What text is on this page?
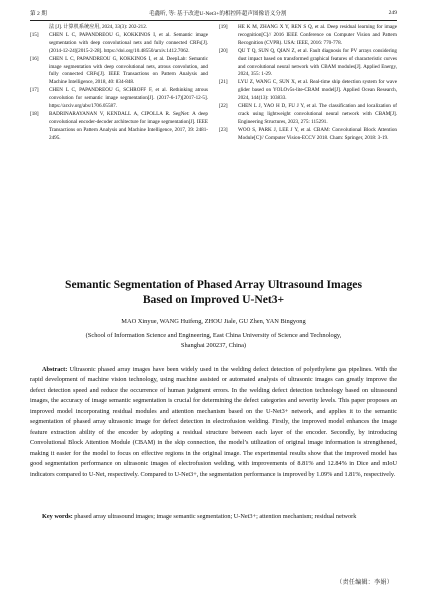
第 2 期	毛鑫昕, 等: 基于改进U-Net3+的相控阵超声图像语义分割	249
法 [J]. 计算机系统应用, 2024, 33(3): 202-212.
[15]	CHEN L C, PAPANDREOU G, KOKKINOS I, et al. Semantic image segmentation with deep convolutional nets and fully connected CRFs[J]. (2014-12-24)[2015-2-28]. https://doi.org/10.48550/arxiv.1412.7062.
[16]	CHEN L C, PAPANDREOU G, KOKKINOS I, et al. DeepLab: Semantic image segmentation with deep convolutional nets, atrous convolution, and fully connected CRFs[J]. IEEE Transactions on Pattern Analysis and Machine Intelligence, 2018, 40: 834-848.
[17]	CHEN L C, PAPANDREOU G, SCHROFF F, et al. Rethinking atrous convolution for semantic image segmentation[J]. (2017-6-17)[2017-12-5]. https://arxiv.org/abs/1706.05587.
[18]	BADRINARAYANAN V, KENDALL A, CIPOLLA R. SegNet: A deep convolutional encoder-decoder architecture for image segmentation[J]. IEEE Transactions on Pattern Analysis and Machine Intelligence, 2017, 39: 2481-2495.
[19]	HE K M, ZHANG X Y, REN S Q, et al. Deep residual learning for image recognition[C]// 2016 IEEE Conference on Computer Vision and Pattern Recognition (CVPR). USA: IEEE, 2016: 770-778.
[20]	QU T Q, SUN Q, QIAN Z, et al. Fault diagnosis for PV arrays considering dust impact based on transformed graphical features of characteristic curves and convolutional neural network with CBAM modules[J]. Applied Energy, 2024, 355: 1-29.
[21]	LYU Z, WANG C, SUN X, et al. Real-time ship detection system for wave glider based on YOLOv5s-lite-CBAM model[J]. Applied Ocean Research, 2024, 144(13): 103833.
[22]	CHEN L J, YAO H D, FU J Y, et al. The classification and localization of crack using lightweight convolutional neural network with CBAM[J]. Engineering Structures, 2023, 275: 115291.
[23]	WOO S, PARK J, LEE J Y, et al. CBAM: Convolutional Block Attention Module[C]// Computer Vision-ECCV 2018. Cham: Springer, 2018: 3-19.
Semantic Segmentation of Phased Array Ultrasound Images
Based on Improved U-Net3+
MAO Xinyue, WANG Huifeng, ZHOU Jiale, GU Zhen, YAN Bingyong
(School of Information Science and Engineering, East China University of Science and Technology,
Shanghai 200237, China)
Abstract: Ultrasonic phased array images have been widely used in the welding defect detection of polyethylene gas pipelines. With the rapid development of machine vision technology, using machine assisted or automated analysis of ultrasonic images can greatly improve the defect detection speed and reduce the occurrence of human judgment errors. In the welding defect detection technology based on ultrasound images, the accuracy of image semantic segmentation is crucial for determining the defect categories and severity levels. This paper proposes an improved model incorporating residual modules and attention mechanism based on the U-Net3+ network, and applies it to the semantic segmentation of phased array ultrasonic image for defect detection in electrofusion welding. Firstly, the improved model enhances the image feature extraction ability of the encoder by adopting a residual structure between each layer of the encoder. Secondly, by introducing Convolutional Block Attention Module (CBAM) in the skip connection, the model’s utilization of original image information is strengthened, making it easier for the model to focus on effective regions in the original image. The experimental results show that the improved model has good segmentation performance on ultrasonic images of electrofusion welding, with improvements of 8.81% and 12.84% in Dice and mIoU indicators compared to U-Net, respectively. Compared to U-Net3+, the segmentation performance is improved by 1.09% and 1.81%, respectively.
Key words: phased array ultrasound images; image semantic segmentation; U-Net3+; attention mechanism; residual network
（责任编辑：李娟）
